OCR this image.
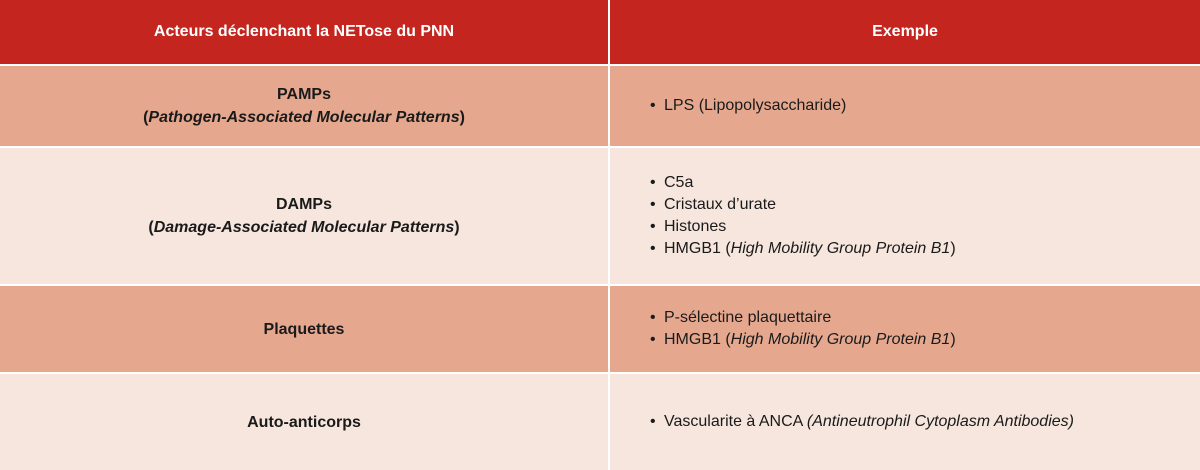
Acteurs déclenchant la NETose du PNN	Exemple
PAMPs
(Pathogen-Associated Molecular Patterns)
• LPS (Lipopolysaccharide)
DAMPs
(Damage-Associated Molecular Patterns)
• C5a
• Cristaux d’urate
• Histones
• HMGB1 (High Mobility Group Protein B1)
Plaquettes
• P-sélectine plaquettaire
• HMGB1 (High Mobility Group Protein B1)
Auto-anticorps
•	Vascularite à ANCA (Antineutrophil Cytoplasm Antibodies)
